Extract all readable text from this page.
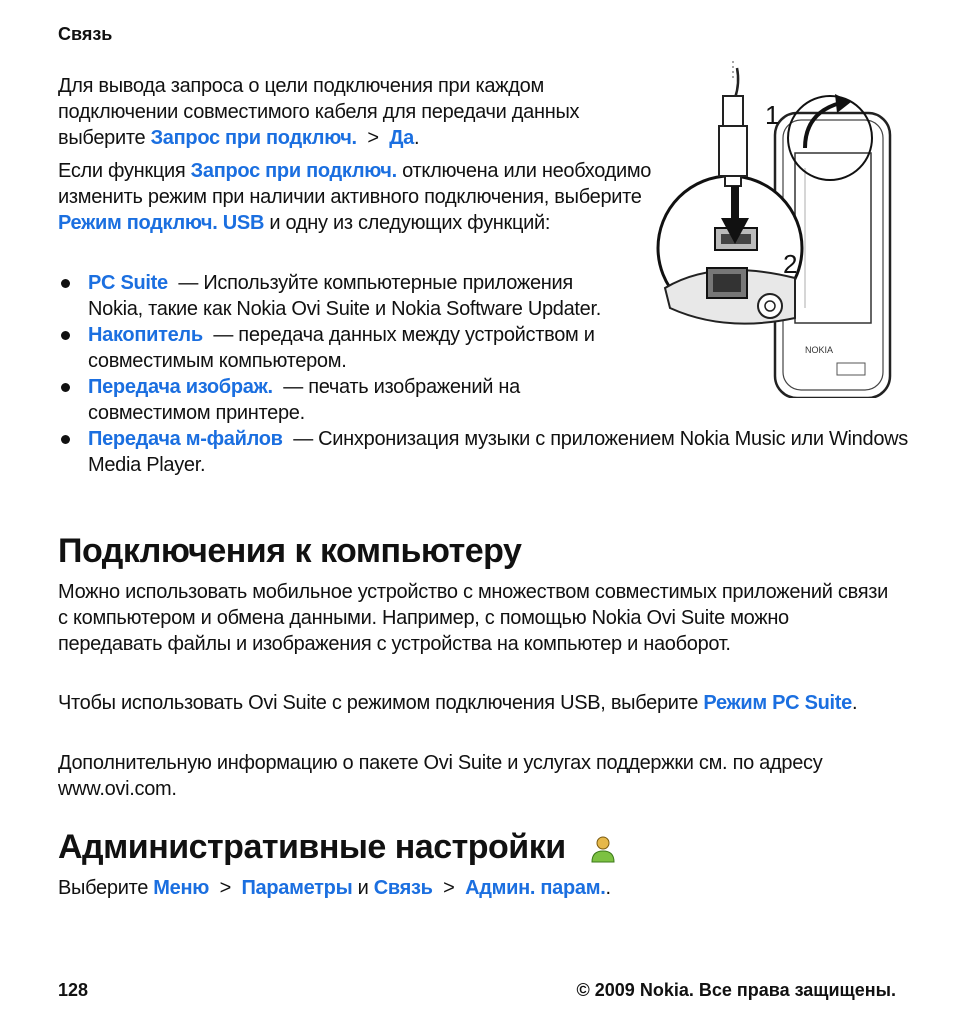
Связь
Для вывода запроса о цели подключения при каждом подключении совместимого кабеля для передачи данных выберите Запрос при подключ. > Да.
Если функция Запрос при подключ. отключена или необходимо изменить режим при наличии активного подключения, выберите Режим подключ. USB и одну из следующих функций:
PC Suite — Используйте компьютерные приложения Nokia, такие как Nokia Ovi Suite и Nokia Software Updater.
Накопитель — передача данных между устройством и совместимым компьютером.
Передача изображ. — печать изображений на совместимом принтере.
Передача м-файлов — Синхронизация музыки с приложением Nokia Music или Windows Media Player.
NOKIA
1
2
Подключения к компьютеру
Можно использовать мобильное устройство с множеством совместимых приложений связи с компьютером и обмена данными. Например, с помощью Nokia Ovi Suite можно передавать файлы и изображения с устройства на компьютер и наоборот.
Чтобы использовать Ovi Suite с режимом подключения USB, выберите Режим PC Suite.
Дополнительную информацию о пакете Ovi Suite и услугах поддержки см. по адресу www.ovi.com.
Административные настройки
Выберите Меню > Параметры и Связь > Админ. парам..
128	© 2009 Nokia. Все права защищены.
